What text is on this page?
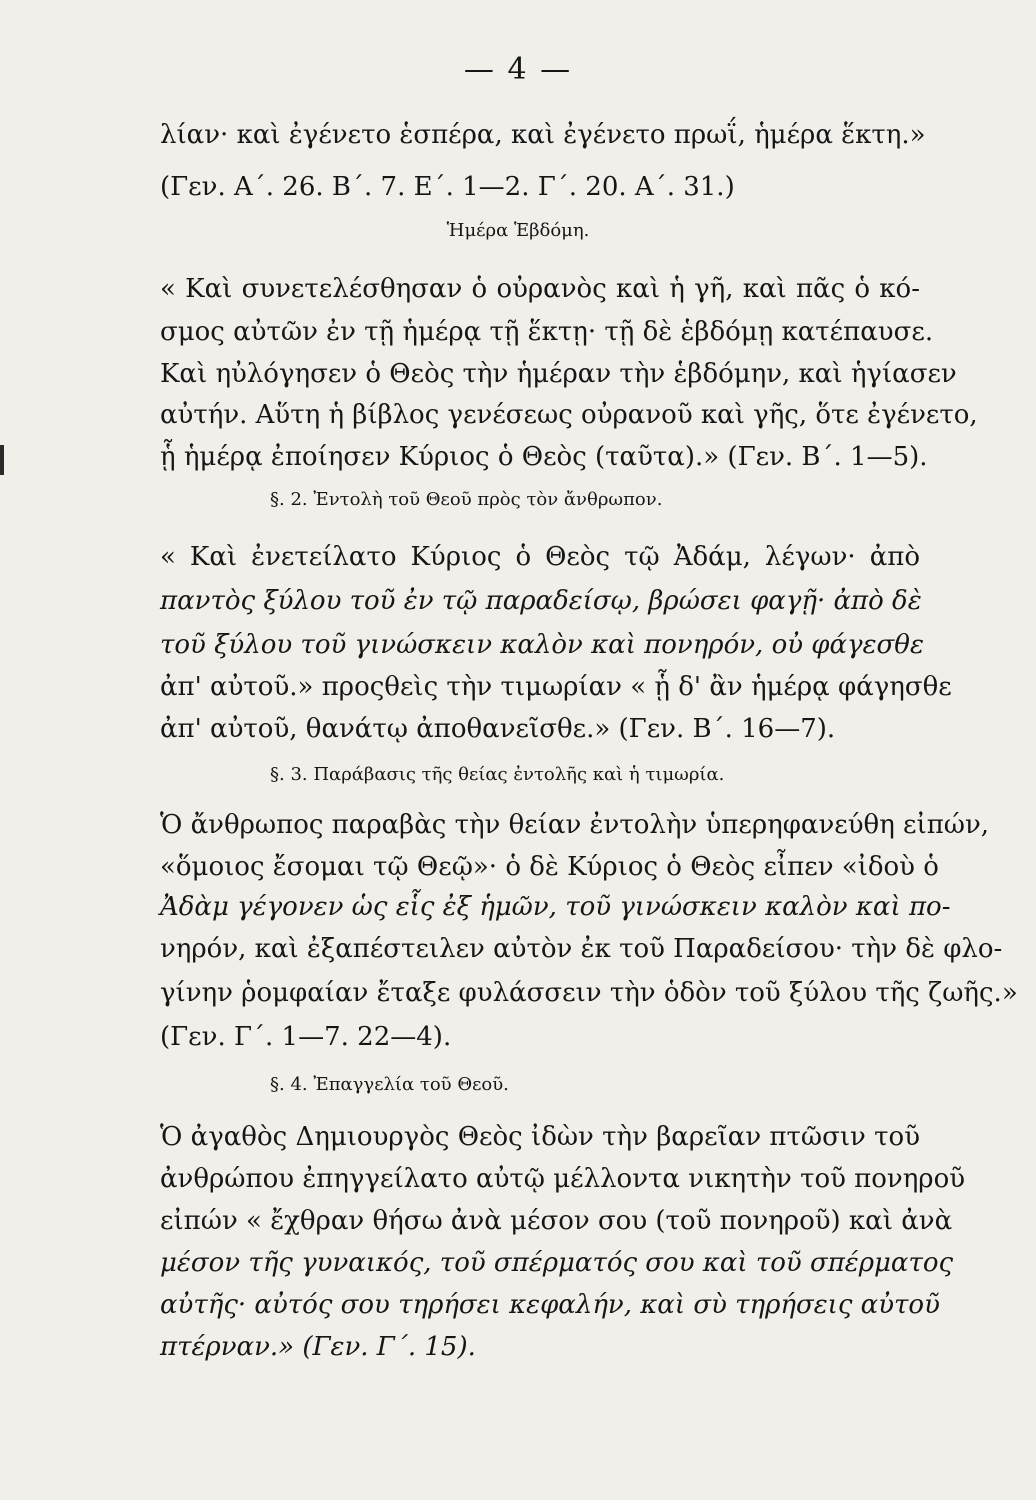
— 4 —
λίαν· καὶ ἐγένετο ἑσπέρα, καὶ ἐγένετο πρωΐ, ἡμέρα ἕκτη.»
(Γεν. Α΄. 26. Β΄. 7. Ε΄. 1—2. Γ΄. 20. Α΄. 31.)
Ἡμέρα Ἑβδόμη.
« Καὶ συνετελέσθησαν ὁ οὐρανὸς καὶ ἡ γῆ, καὶ πᾶς ὁ κό-
σμος αὐτῶν ἐν τῇ ἡμέρᾳ τῇ ἕκτῃ· τῇ δὲ ἑβδόμῃ κατέπαυσε.
Καὶ ηὐλόγησεν ὁ Θεὸς τὴν ἡμέραν τὴν ἑβδόμην, καὶ ἡγίασεν
αὐτήν. Αὕτη ἡ βίβλος γενέσεως οὐρανοῦ καὶ γῆς, ὅτε ἐγένετο,
ᾗ ἡμέρᾳ ἐποίησεν Κύριος ὁ Θεὸς (ταῦτα).» (Γεν. Β΄. 1—5).
§. 2. Ἐντολὴ τοῦ Θεοῦ πρὸς τὸν ἄνθρωπον.
« Καὶ ἐνετείλατο Κύριος ὁ Θεὸς τῷ Ἀδάμ, λέγων· ἀπὸ
παντὸς ξύλου τοῦ ἐν τῷ παραδείσῳ, βρώσει φαγῇ· ἀπὸ δὲ
τοῦ ξύλου τοῦ γινώσκειν καλὸν καὶ πονηρόν, οὐ φάγεσθε
ἀπ' αὐτοῦ.» προςθεὶς τὴν τιμωρίαν « ᾗ δ' ἂν ἡμέρᾳ φάγησθε
ἀπ' αὐτοῦ, θανάτῳ ἀποθανεῖσθε.» (Γεν. Β΄. 16—7).
§. 3. Παράβασις τῆς θείας ἐντολῆς καὶ ἡ τιμωρία.
Ὁ ἄνθρωπος παραβὰς τὴν θείαν ἐντολὴν ὑπερηφανεύθη εἰπών,
«ὅμοιος ἔσομαι τῷ Θεῷ»· ὁ δὲ Κύριος ὁ Θεὸς εἶπεν «ἰδοὺ ὁ
Ἀδὰμ γέγονεν ὡς εἷς ἐξ ἡμῶν, τοῦ γινώσκειν καλὸν καὶ πο-
νηρόν, καὶ ἐξαπέστειλεν αὐτὸν ἐκ τοῦ Παραδείσου· τὴν δὲ φλο-
γίνην ῥομφαίαν ἔταξε φυλάσσειν τὴν ὁδὸν τοῦ ξύλου τῆς ζωῆς.»
(Γεν. Γ΄. 1—7. 22—4).
§. 4. Ἐπαγγελία τοῦ Θεοῦ.
Ὁ ἀγαθὸς Δημιουργὸς Θεὸς ἰδὼν τὴν βαρεῖαν πτῶσιν τοῦ
ἀνθρώπου ἐπηγγείλατο αὐτῷ μέλλοντα νικητὴν τοῦ πονηροῦ
εἰπών « ἔχθραν θήσω ἀνὰ μέσον σου (τοῦ πονηροῦ) καὶ ἀνὰ
μέσον τῆς γυναικός, τοῦ σπέρματός σου καὶ τοῦ σπέρματος
αὐτῆς· αὐτός σου τηρήσει κεφαλήν, καὶ σὺ τηρήσεις αὐτοῦ
πτέρναν.» (Γεν. Γ΄. 15).
